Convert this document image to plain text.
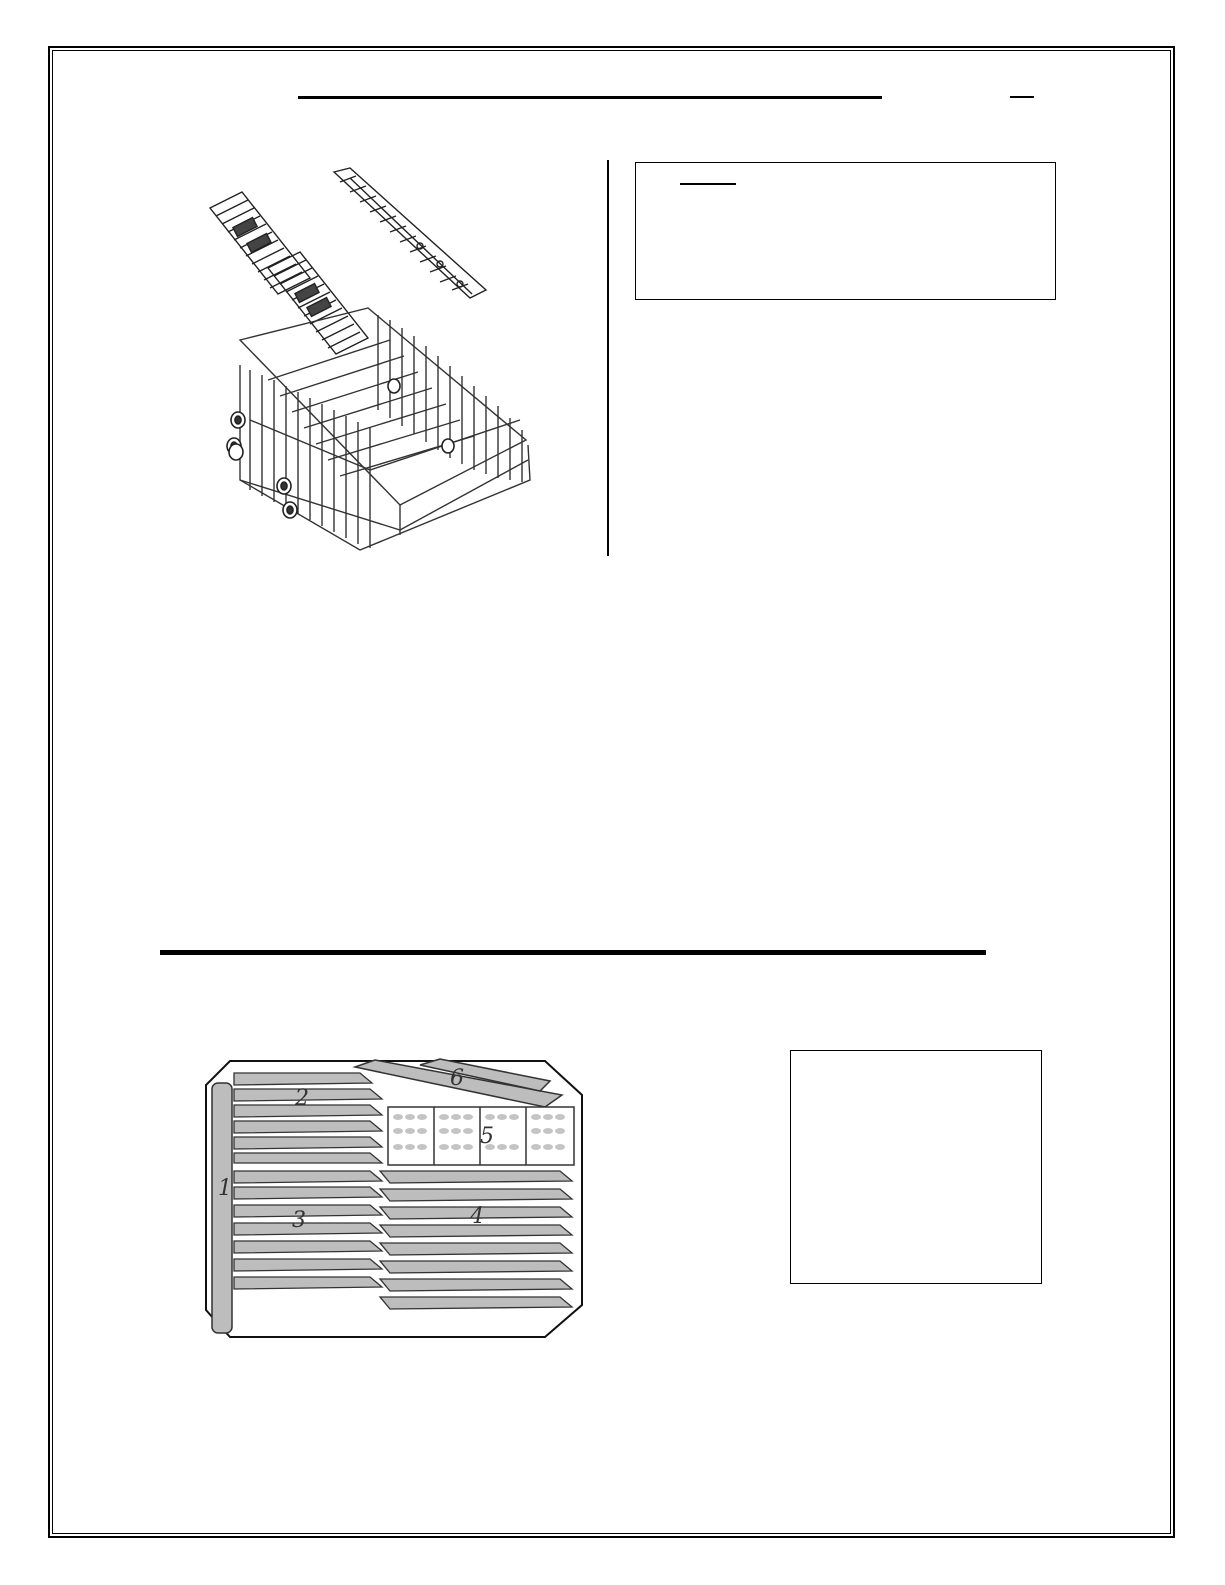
1
2
3	4
5
6
